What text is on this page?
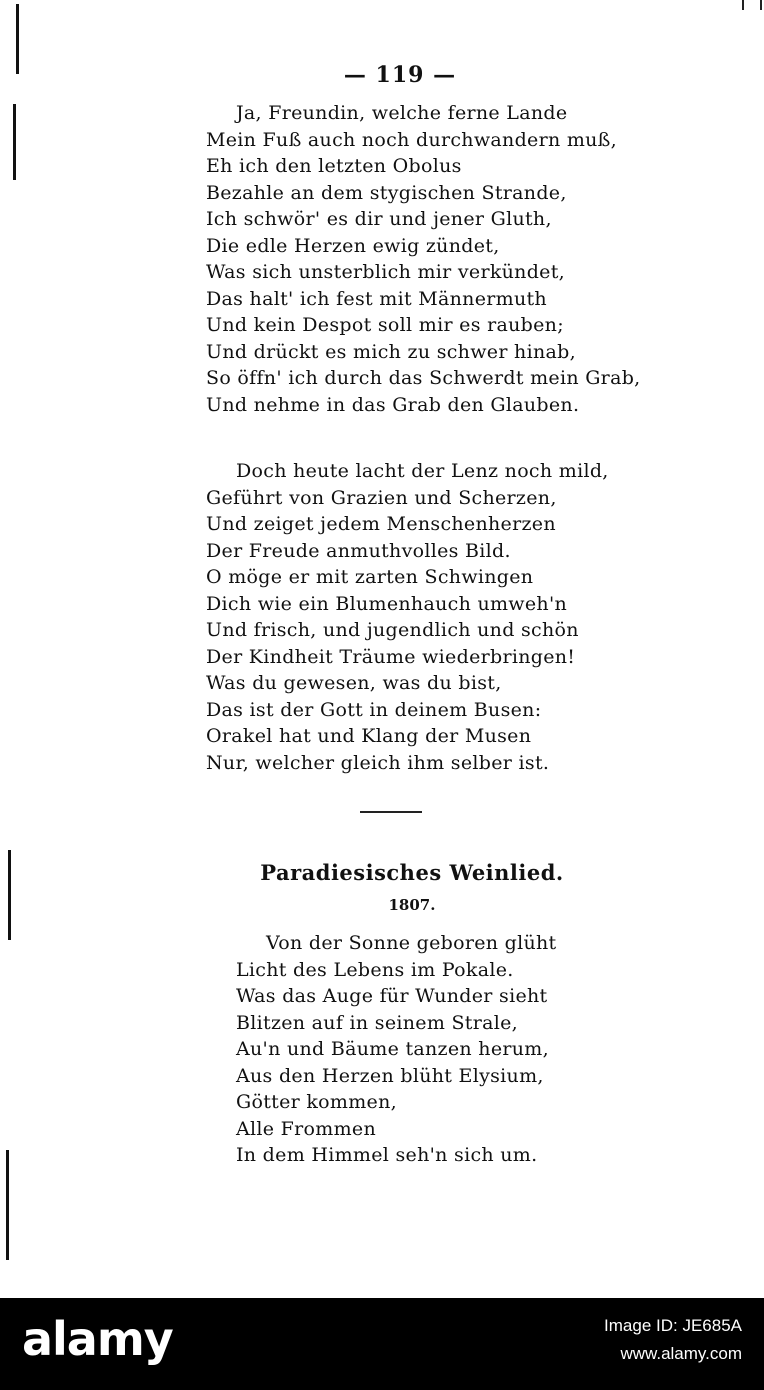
— 119 —
Ja, Freundin, welche ferne Lande
Mein Fuß auch noch durchwandern muß,
Eh ich den letzten Obolus
Bezahle an dem stygischen Strande,
Ich schwör' es dir und jener Gluth,
Die edle Herzen ewig zündet,
Was sich unsterblich mir verkündet,
Das halt' ich fest mit Männermuth
Und kein Despot soll mir es rauben;
Und drückt es mich zu schwer hinab,
So öffn' ich durch das Schwerdt mein Grab,
Und nehme in das Grab den Glauben.
Doch heute lacht der Lenz noch mild,
Geführt von Grazien und Scherzen,
Und zeiget jedem Menschenherzen
Der Freude anmuthvolles Bild.
O möge er mit zarten Schwingen
Dich wie ein Blumenhauch umweh'n
Und frisch, und jugendlich und schön
Der Kindheit Träume wiederbringen!
Was du gewesen, was du bist,
Das ist der Gott in deinem Busen:
Orakel hat und Klang der Musen
Nur, welcher gleich ihm selber ist.
Paradiesisches Weinlied.
1807.
Von der Sonne geboren glüht
Licht des Lebens im Pokale.
Was das Auge für Wunder sieht
Blitzen auf in seinem Strale,
Au'n und Bäume tanzen herum,
Aus den Herzen blüht Elysium,
Götter kommen,
Alle Frommen
In dem Himmel seh'n sich um.
alamy	Image ID: JE685A
www.alamy.com
